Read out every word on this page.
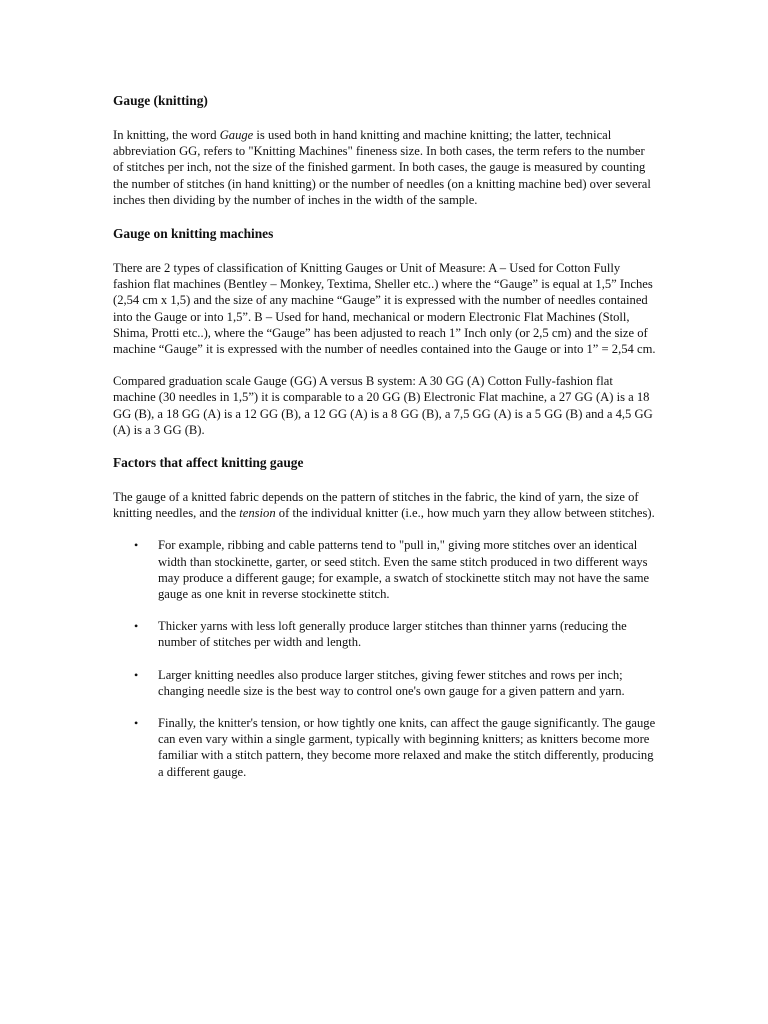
Gauge (knitting)

In knitting, the word Gauge is used both in hand knitting and machine knitting; the latter, technical abbreviation GG, refers to "Knitting Machines" fineness size. In both cases, the term refers to the number of stitches per inch, not the size of the finished garment. In both cases, the gauge is measured by counting the number of stitches (in hand knitting) or the number of needles (on a knitting machine bed) over several inches then dividing by the number of inches in the width of the sample.

Gauge on knitting machines

There are 2 types of classification of Knitting Gauges or Unit of Measure: A – Used for Cotton Fully fashion flat machines (Bentley – Monkey, Textima, Sheller etc..) where the “Gauge” is equal at 1,5” Inches (2,54 cm x 1,5) and the size of any machine “Gauge” it is expressed with the number of needles contained into the Gauge or into 1,5”. B – Used for hand, mechanical or modern Electronic Flat Machines (Stoll, Shima, Protti etc..), where the “Gauge” has been adjusted to reach 1” Inch only (or 2,5 cm) and the size of machine “Gauge” it is expressed with the number of needles contained into the Gauge or into 1” = 2,54 cm.

Compared graduation scale Gauge (GG) A versus B system: A 30 GG (A) Cotton Fully-fashion flat machine (30 needles in 1,5”) it is comparable to a 20 GG (B) Electronic Flat machine, a 27 GG (A) is a 18 GG (B), a 18 GG (A) is a 12 GG (B), a 12 GG (A) is a 8 GG (B), a 7,5 GG (A) is a 5 GG (B) and a 4,5 GG (A) is a 3 GG (B).

Factors that affect knitting gauge

The gauge of a knitted fabric depends on the pattern of stitches in the fabric, the kind of yarn, the size of knitting needles, and the tension of the individual knitter (i.e., how much yarn they allow between stitches).

• For example, ribbing and cable patterns tend to "pull in," giving more stitches over an identical width than stockinette, garter, or seed stitch. Even the same stitch produced in two different ways may produce a different gauge; for example, a swatch of stockinette stitch may not have the same gauge as one knit in reverse stockinette stitch.
• Thicker yarns with less loft generally produce larger stitches than thinner yarns (reducing the number of stitches per width and length.
• Larger knitting needles also produce larger stitches, giving fewer stitches and rows per inch; changing needle size is the best way to control one's own gauge for a given pattern and yarn.
• Finally, the knitter's tension, or how tightly one knits, can affect the gauge significantly. The gauge can even vary within a single garment, typically with beginning knitters; as knitters become more familiar with a stitch pattern, they become more relaxed and make the stitch differently, producing a different gauge.
